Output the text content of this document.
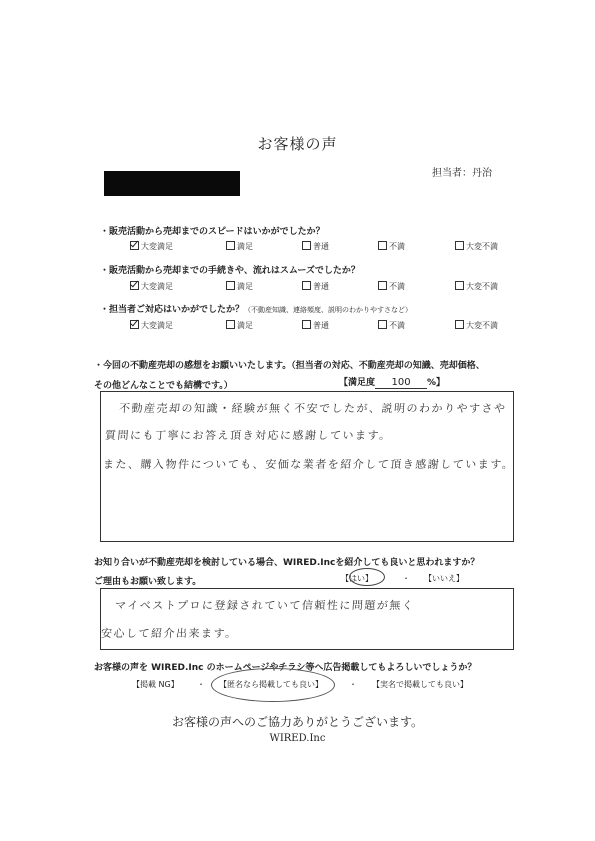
お客様の声
担当者：丹治
・販売活動から売却までのスピードはいかがでしたか？
大変満足	満足	普通	不満	大変不満
・販売活動から売却までの手続きや、流れはスムーズでしたか？
大変満足	満足	普通	不満	大変不満
・担当者ご対応はいかがでしたか？（不動産知識、連絡頻度、説明のわかりやすさなど）
大変満足	満足	普通	不満	大変不満
・今回の不動産売却の感想をお願いいたします。（担当者の対応、不動産売却の知識、売却価格、
その他どんなことでも結構です。）	【満足度 100 %】
不動産売却の知識・経験が無く不安でしたが、説明のわかりやすさや
質問にも丁寧にお答え頂き対応に感謝しています。
また、購入物件についても、安価な業者を紹介して頂き感謝しています。
お知り合いが不動産売却を検討している場合、WIRED.Incを紹介しても良いと思われますか？
ご理由もお願い致します。	【はい】	・ 【いいえ】
マイベストプロに登録されていて信頼性に問題が無く
安心して紹介出来ます。
お客様の声を WIRED.Inc のホームページやチラシ等へ広告掲載してもよろしいでしょうか？
【掲載 NG】 ・ 【匿名なら掲載しても良い】	・ 【実名で掲載しても良い】
お客様の声へのご協力ありがとうございます。
WIRED.Inc
